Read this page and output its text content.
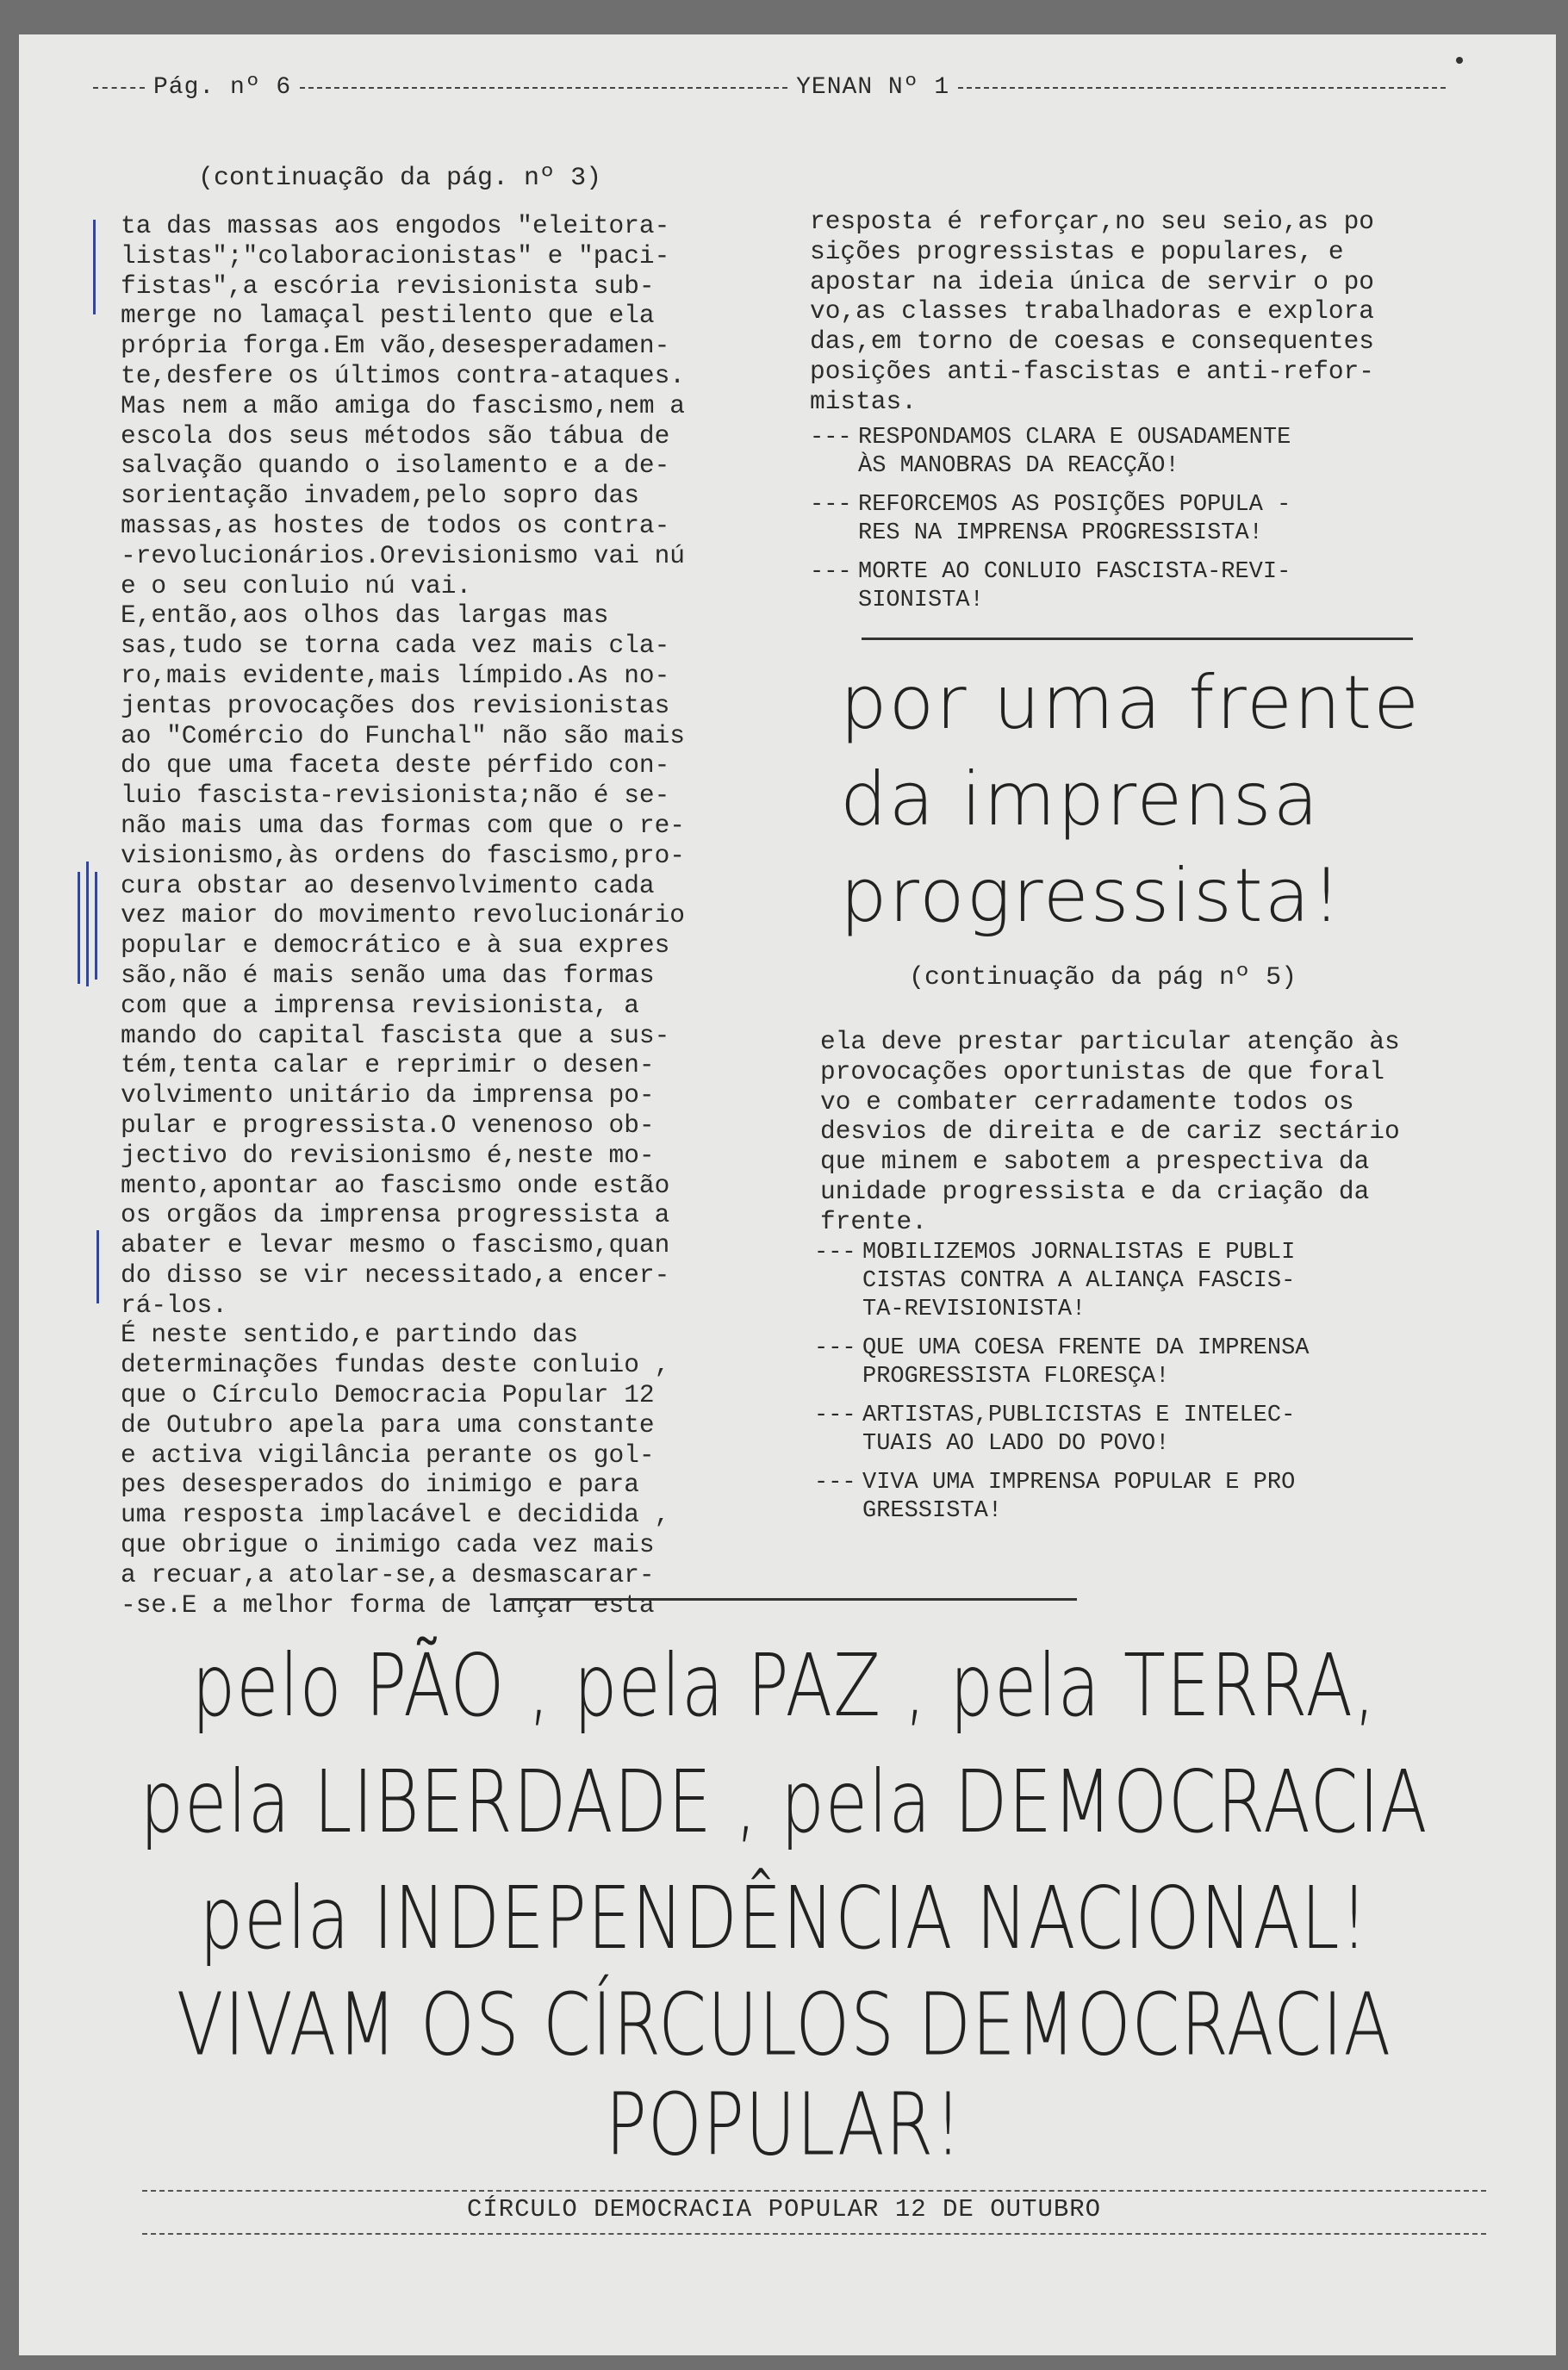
Pág. nº 6	YENAN Nº 1
(continuação da pág. nº 3)
ta das massas aos engodos "eleitora-
listas";"colaboracionistas" e "paci-
fistas",a escória revisionista sub-
merge no lamaçal pestilento que ela
própria forga.Em vão,desesperadamen-
te,desfere os últimos contra-ataques.
Mas nem a mão amiga do fascismo,nem a
escola dos seus métodos são tábua de
salvação quando o isolamento e a de-
sorientação invadem,pelo sopro das
massas,as hostes de todos os contra-
-revolucionários.Orevisionismo vai nú
e o seu conluio nú vai.
E,então,aos olhos das largas mas
sas,tudo se torna cada vez mais cla-
ro,mais evidente,mais límpido.As no-
jentas provocações dos revisionistas
ao "Comércio do Funchal" não são mais
do que uma faceta deste pérfido con-
luio fascista-revisionista;não é se-
não mais uma das formas com que o re-
visionismo,às ordens do fascismo,pro-
cura obstar ao desenvolvimento cada
vez maior do movimento revolucionário
popular e democrático e à sua expres
são,não é mais senão uma das formas
com que a imprensa revisionista, a
mando do capital fascista que a sus-
tém,tenta calar e reprimir o desen-
volvimento unitário da imprensa po-
pular e progressista.O venenoso ob-
jectivo do revisionismo é,neste mo-
mento,apontar ao fascismo onde estão
os orgãos da imprensa progressista a
abater e levar mesmo o fascismo,quan
do disso se vir necessitado,a encer-
rá-los.
É neste sentido,e partindo das
determinações fundas deste conluio ,
que o Círculo Democracia Popular 12
de Outubro apela para uma constante
e activa vigilância perante os gol-
pes desesperados do inimigo e para
uma resposta implacável e decidida ,
que obrigue o inimigo cada vez mais
a recuar,a atolar-se,a desmascarar-
-se.E a melhor forma de lançar esta
resposta é reforçar,no seu seio,as po
sições progressistas e populares, e
apostar na ideia única de servir o po
vo,as classes trabalhadoras e explora
das,em torno de coesas e consequentes
posições anti-fascistas e anti-refor-
mistas.
--- RESPONDAMOS CLARA E OUSADAMENTE
ÀS MANOBRAS DA REACÇÃO!
--- REFORCEMOS AS POSIÇÕES POPULA -
RES NA IMPRENSA PROGRESSISTA!
--- MORTE AO CONLUIO FASCISTA-REVI-
SIONISTA!
por uma frente
da imprensa
progressista!
(continuação da pág nº 5)
ela deve prestar particular atenção às
provocações oportunistas de que foral
vo e combater cerradamente todos os
desvios de direita e de cariz sectário
que minem e sabotem a prespectiva da
unidade progressista e da criação da
frente.
--- MOBILIZEMOS JORNALISTAS E PUBLI
CISTAS CONTRA A ALIANÇA FASCIS-
TA-REVISIONISTA!
--- QUE UMA COESA FRENTE DA IMPRENSA
PROGRESSISTA FLORESÇA!
--- ARTISTAS,PUBLICISTAS E INTELEC-
TUAIS AO LADO DO POVO!
--- VIVA UMA IMPRENSA POPULAR E PRO
GRESSISTA!
pelo PÃO , pela PAZ , pela TERRA,
pela LIBERDADE , pela DEMOCRACIA
pela INDEPENDÊNCIA NACIONAL!
VIVAM OS CÍRCULOS DEMOCRACIA POPULAR!
CÍRCULO DEMOCRACIA POPULAR 12 DE OUTUBRO
